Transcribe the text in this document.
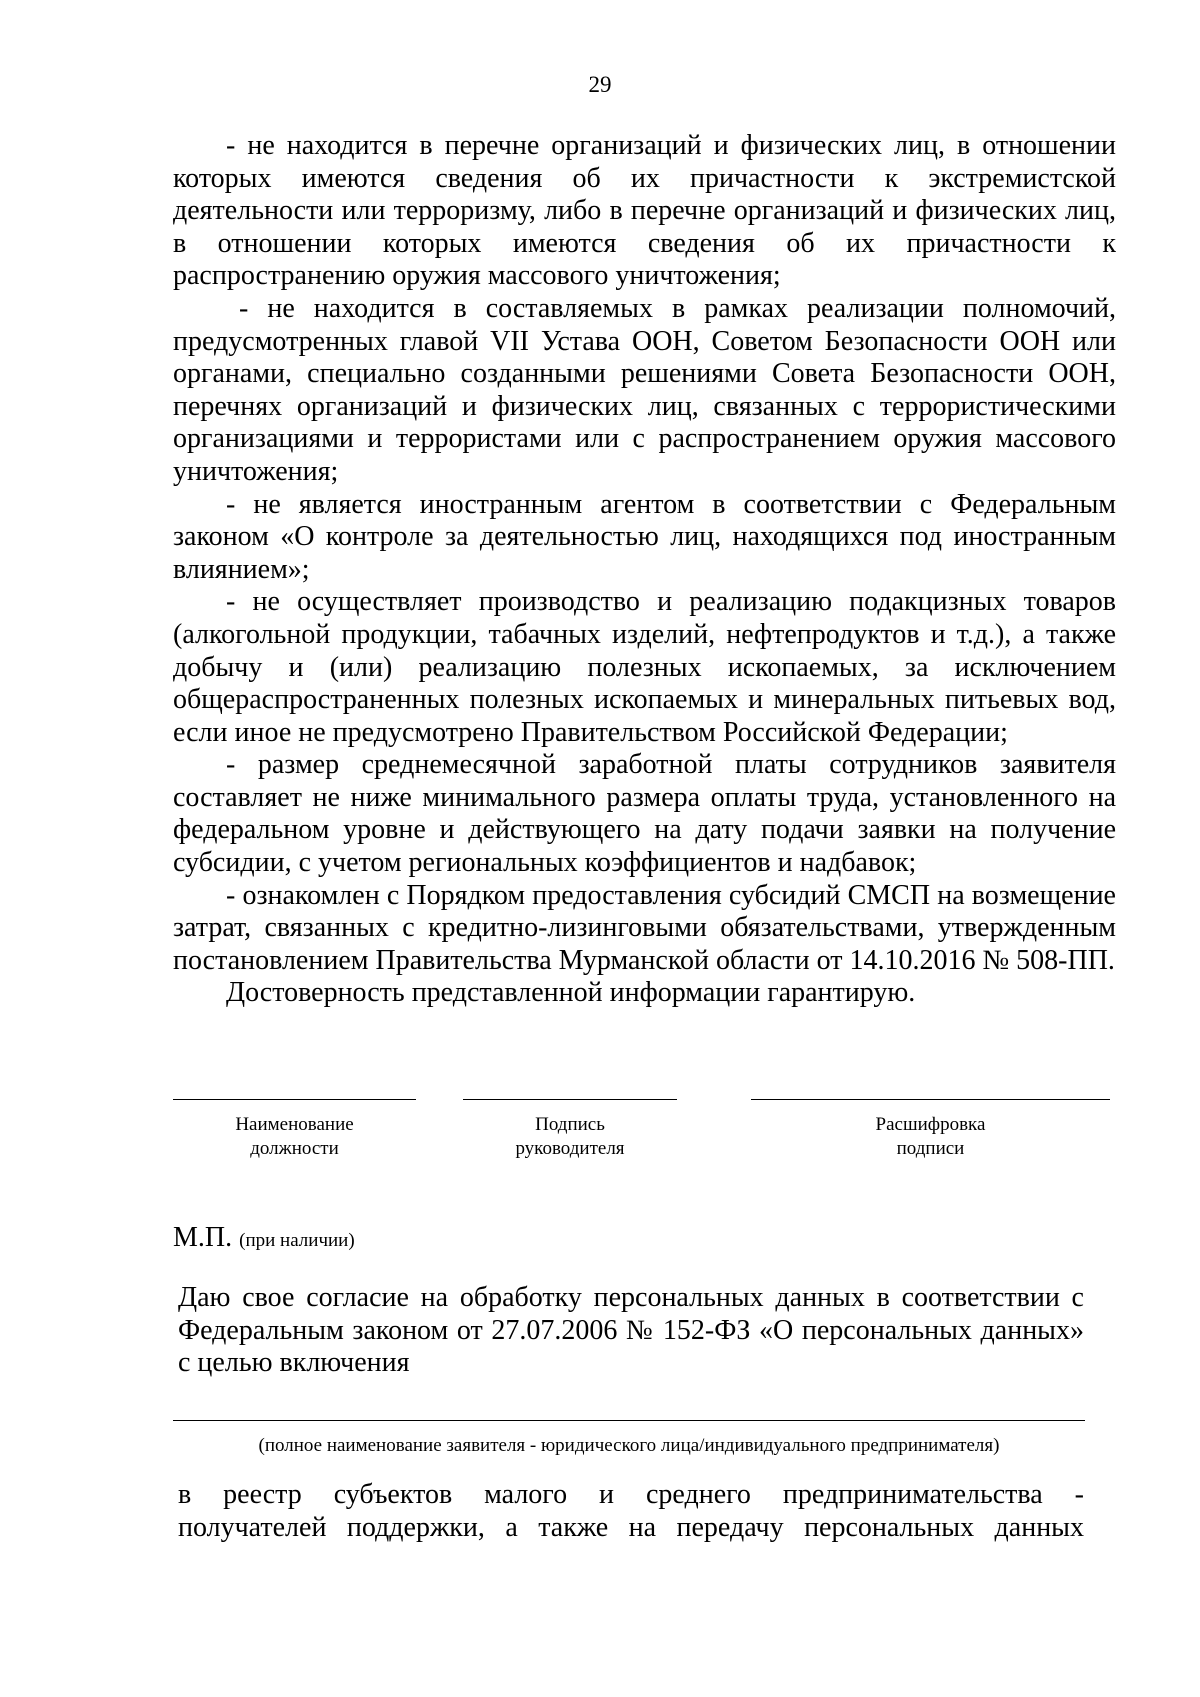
29

- не находится в перечне организаций и физических лиц, в отношении которых имеются сведения об их причастности к экстремистской деятельности или терроризму, либо в перечне организаций и физических лиц, в отношении которых имеются сведения об их причастности к распространению оружия массового уничтожения;

- не находится в составляемых в рамках реализации полномочий, предусмотренных главой VII Устава ООН, Советом Безопасности ООН или органами, специально созданными решениями Совета Безопасности ООН, перечнях организаций и физических лиц, связанных с террористическими организациями и террористами или с распространением оружия массового уничтожения;

- не является иностранным агентом в соответствии с Федеральным законом «О контроле за деятельностью лиц, находящихся под иностранным влиянием»;

- не осуществляет производство и реализацию подакцизных товаров (алкогольной продукции, табачных изделий, нефтепродуктов и т.д.), а также добычу и (или) реализацию полезных ископаемых, за исключением общераспространенных полезных ископаемых и минеральных питьевых вод, если иное не предусмотрено Правительством Российской Федерации;

- размер среднемесячной заработной платы сотрудников заявителя составляет не ниже минимального размера оплаты труда, установленного на федеральном уровне и действующего на дату подачи заявки на получение субсидии, с учетом региональных коэффициентов и надбавок;

- ознакомлен с Порядком предоставления субсидий СМСП на возмещение затрат, связанных с кредитно-лизинговыми обязательствами, утвержденным постановлением Правительства Мурманской области от 14.10.2016 № 508-ПП.

Достоверность представленной информации гарантирую.

Наименование
должности
Подпись
руководителя
Расшифровка
подписи
М.П. (при наличии)

Даю свое согласие на обработку персональных данных в соответствии с Федеральным законом от 27.07.2006 № 152-ФЗ «О персональных данных» с целью включения

(полное наименование заявителя - юридического лица/индивидуального предпринимателя)

в реестр субъектов малого и среднего предпринимательства -

получателей поддержки, а также на передачу персональных данных
